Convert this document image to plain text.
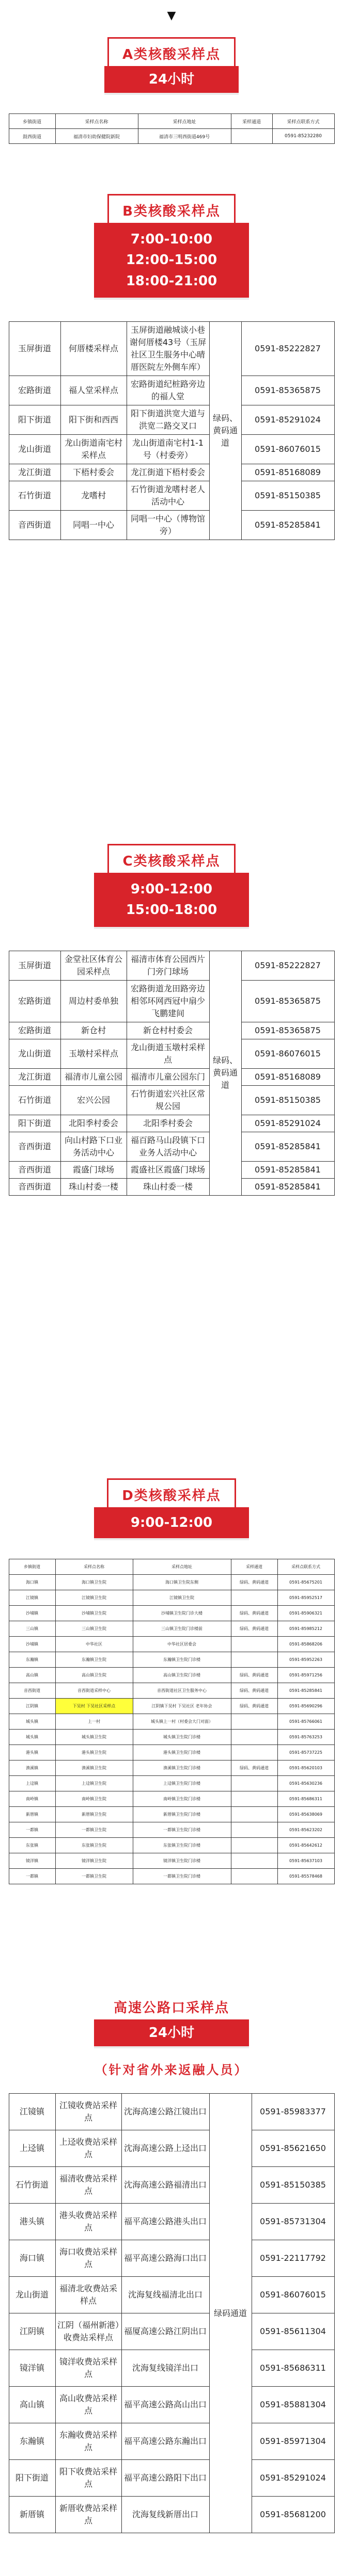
▼
A类核酸采样点
24小时
乡镇街道	采样点名称	采样点地址	采样通道	采样点联系方式
鼓西街道	福清市妇幼保健院新院	福清市三明西街道469号		0591-85232280
B类核酸采样点
7:00-10:00
12:00-15:00
18:00-21:00
玉屏街道	何厝楼采样点	玉屏街道融城谈小巷谢何厝楼43号（玉屏社区卫生服务中心晴厝医院左外侧车库）	绿码、黄码通道	0591-85222827
宏路街道	福人堂采样点	宏路街道纪桩路旁边的福人堂		0591-85365875
阳下街道	阳下街和西西	阳下街道洪宽大道与洪宽二路交叉口		0591-85291024
龙山街道	龙山街道南宅村采样点	龙山街道南宅村1-1号（村委旁）		0591-86076015
龙江街道	下梧村委会	龙江街道下梧村委会		0591-85168089
石竹街道	龙嗜村	石竹街道龙嗜村老人活动中心		0591-85150385
音西街道	同唱一中心	同唱一中心（博物馆旁）		0591-85285841
C类核酸采样点
9:00-12:00
15:00-18:00
玉屏街道	金堂社区体育公园采样点	福清市体育公园西片门旁门球场	绿码、黄码通道	0591-85222827
宏路街道	周边村委单独	宏路街道龙田路旁边相邻环网西冠中扇少飞鹏建间		0591-85365875
宏路街道	新仓村	新仓村村委会		0591-85365875
龙山街道	玉墩村采样点	龙山街道玉墩村采样点		0591-86076015
龙江街道	福清市儿童公园	福清市儿童公园东门		0591-85168089
石竹街道	宏兴公园	石竹街道宏兴社区常规公园		0591-85150385
阳下街道	北阳季村委会	北阳季村委会		0591-85291024
音西街道	向山村路下口业务活动中心	福百路马山段镇下口业务人活动中心		0591-85285841
音西街道	霞盛门球场	霞盛社区霞盛门球场		0591-85285841
音西街道	珠山村委一楼	珠山村委一楼		0591-85285841
D类核酸采样点
9:00-12:00
乡镇街道	采样点名称	采样点地址	采样通道	采样点联系方式
海口镇	海口镇卫生院	海口镇卫生院东侧	绿码、黄码通道	0591-85675201
江镜镇	江镜镇卫生院	江镜镇卫生院		0591-85952517
沙埔镇	沙埔镇卫生院	沙埔镇卫生院门诊大楼	绿码、黄码通道	0591-85906321
三山镇	三山镇卫生院	三山镇卫生院门诊楼前	绿码、黄码通道	0591-85985212
沙埔镇	中华社区	中华社区居委会		0591-85868206
东瀚镇	东瀚镇卫生院	东瀚镇卫生院门诊楼		0591-85952263
高山镇	高山镇卫生院	高山镇卫生院门诊楼	绿码、黄码通道	0591-85971256
音西街道	音西街道采样中心	音西街道社区卫生服务中心	绿码、黄码通道	0591-85285841
江阴镇	下吴村 下吴社区采样点	江阴镇下吴村 下吴社区 老年协会	绿码、黄码通道	0591-85690296
城头镇	上一村	城头镇上一村（村委会大门对面）		0591-85766061
城头镇	城头镇卫生院	城头镇卫生院门诊楼		0591-85763253
港头镇	港头镇卫生院	港头镇卫生院门诊楼		0591-85737225
渔溪镇	渔溪镇卫生院	渔溪镇卫生院门诊楼	绿码、黄码通道	0591-85620103
上迳镇	上迳镇卫生院	上迳镇卫生院门诊楼		0591-85630236
南岭镇	南岭镇卫生院	南岭镇卫生院门诊楼		0591-85686311
新厝镇	新厝镇卫生院	新厝镇卫生院门诊楼		0591-85638069
一都镇	一都镇卫生院	一都镇卫生院门诊楼		0591-85623202
东张镇	东张镇卫生院	东张镇卫生院门诊楼		0591-85642612
镜洋镇	镜洋镇卫生院	镜洋镇卫生院门诊楼		0591-85637103
一都镇	一都镇卫生院	一都镇卫生院门诊楼		0591-85578468
高速公路口采样点
24小时
（针对省外来返融人员）
江镜镇	江镜收费站采样点	沈海高速公路江镜出口	绿码通道	0591-85983377
上迳镇	上迳收费站采样点	沈海高速公路上迳出口		0591-85621650
石竹街道	福清收费站采样点	沈海高速公路福清出口		0591-85150385
港头镇	港头收费站采样点	福平高速公路港头出口		0591-85731304
海口镇	海口收费站采样点	福平高速公路海口出口		0591-22117792
龙山街道	福清北收费站采样点	沈海复线福清北出口		0591-86076015
江阴镇	江阴（福州新港）收费站采样点	福厦高速公路江阴出口		0591-85611304
镜洋镇	镜洋收费站采样点	沈海复线镜洋出口		0591-85686311
高山镇	高山收费站采样点	福平高速公路高山出口		0591-85881304
东瀚镇	东瀚收费站采样点	福平高速公路东瀚出口		0591-85971304
阳下街道	阳下收费站采样点	福平高速公路阳下出口		0591-85291024
新厝镇	新厝收费站采样点	沈海复线新厝出口		0591-85681200
